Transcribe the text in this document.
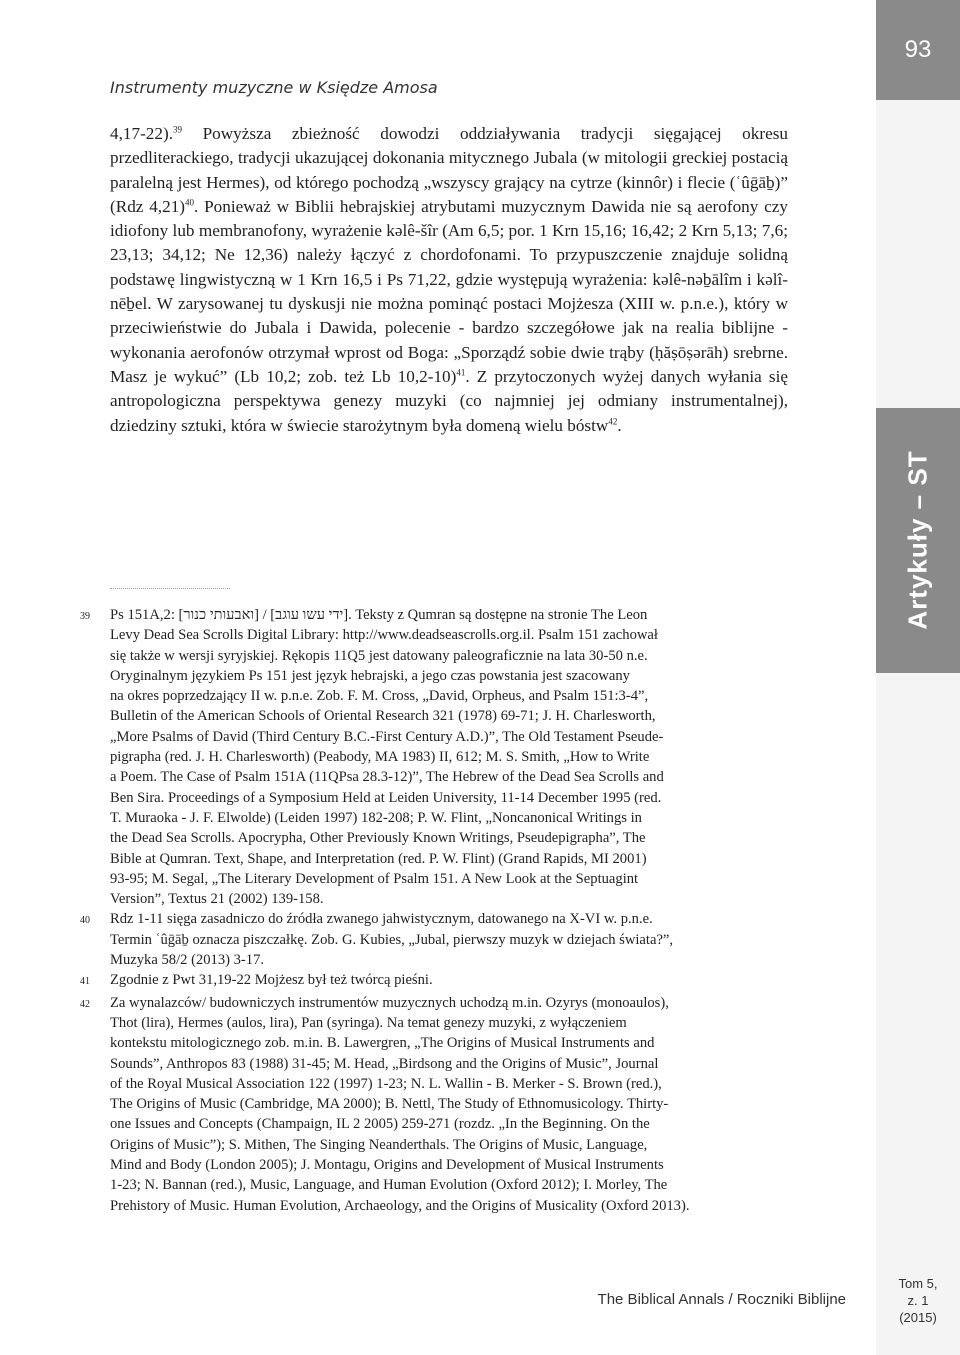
93
Artykuły – ST
Instrumenty muzyczne w Księdze Amosa

4,17-22).$^{39}$ Powyższa zbieżność dowodzi oddziaływania tradycji sięgającej okresu przedliterackiego, tradycji ukazującej dokonania mitycznego Jubala (w mitologii greckiej postacią paralelną jest Hermes), od którego pochodzą „wszyscy grający na cytrze (kinnôr) i flecie (ʿûḡāḇ)” (Rdz 4,21)$^{40}$. Ponieważ w Biblii hebrajskiej atrybutami muzycznym Dawida nie są aerofony czy idiofony lub membranofony, wyrażenie kəlê-šîr (Am 6,5; por. 1 Krn 15,16; 16,42; 2 Krn 5,13; 7,6; 23,13; 34,12; Ne 12,36) należy łączyć z chordofonami. To przypuszczenie znajduje solidną podstawę lingwistyczną w 1 Krn 16,5 i Ps 71,22, gdzie występują wyrażenia: kəlê-nəḇālîm i kəlî-nēḇel. W zarysowanej tu dyskusji nie można pominąć postaci Mojżesza (XIII w. p.n.e.), który w przeciwieństwie do Jubala i Dawida, polecenie - bardzo szczegółowe jak na realia biblijne - wykonania aerofonów otrzymał wprost od Boga: „Sporządź sobie dwie trąby (ḥăṣōṣərāh) srebrne. Masz je wykuć” (Lb 10,2; zob. też Lb 10,2-10)$^{41}$. Z przytoczonych wyżej danych wyłania się antropologiczna perspektywa genezy muzyki (co najmniej jej odmiany instrumentalnej), dziedziny sztuki, która w świecie starożytnym była domeną wielu bóstw$^{42}$.

39	Ps 151A,2: [ואבעותי כנור] / [ידי עשו עוגב]. Teksty z Qumran są dostępne na stronie The Leon
Levy Dead Sea Scrolls Digital Library: http://www.deadseascrolls.org.il. Psalm 151 zachował
się także w wersji syryjskiej. Rękopis 11Q5 jest datowany paleograficznie na lata 30-50 n.e.
Oryginalnym językiem Ps 151 jest język hebrajski, a jego czas powstania jest szacowany
na okres poprzedzający II w. p.n.e. Zob. F. M. Cross, „David, Orpheus, and Psalm 151:3-4”,
Bulletin of the American Schools of Oriental Research 321 (1978) 69-71; J. H. Charlesworth,
„More Psalms of David (Third Century B.C.-First Century A.D.)”, The Old Testament Pseude-
pigrapha (red. J. H. Charlesworth) (Peabody, MA 1983) II, 612; M. S. Smith, „How to Write
a Poem. The Case of Psalm 151A (11QPsa 28.3-12)”, The Hebrew of the Dead Sea Scrolls and
Ben Sira. Proceedings of a Symposium Held at Leiden University, 11-14 December 1995 (red.
T. Muraoka - J. F. Elwolde) (Leiden 1997) 182-208; P. W. Flint, „Noncanonical Writings in
the Dead Sea Scrolls. Apocrypha, Other Previously Known Writings, Pseudepigrapha”, The
Bible at Qumran. Text, Shape, and Interpretation (red. P. W. Flint) (Grand Rapids, MI 2001)
93-95; M. Segal, „The Literary Development of Psalm 151. A New Look at the Septuagint
Version”, Textus 21 (2002) 139-158.
40	Rdz 1-11 sięga zasadniczo do źródła zwanego jahwistycznym, datowanego na X-VI w. p.n.e.
Termin ʿûḡāḇ oznacza piszczałkę. Zob. G. Kubies, „Jubal, pierwszy muzyk w dziejach świata?”,
Muzyka 58/2 (2013) 3-17.
41	Zgodnie z Pwt 31,19-22 Mojżesz był też twórcą pieśni.
42	Za wynalazców/ budowniczych instrumentów muzycznych uchodzą m.in. Ozyrys (monoaulos),
Thot (lira), Hermes (aulos, lira), Pan (syringa). Na temat genezy muzyki, z wyłączeniem
kontekstu mitologicznego zob. m.in. B. Lawergren, „The Origins of Musical Instruments and
Sounds”, Anthropos 83 (1988) 31-45; M. Head, „Birdsong and the Origins of Music”, Journal
of the Royal Musical Association 122 (1997) 1-23; N. L. Wallin - B. Merker - S. Brown (red.),
The Origins of Music (Cambridge, MA 2000); B. Nettl, The Study of Ethnomusicology. Thirty-
one Issues and Concepts (Champaign, IL 2 2005) 259-271 (rozdz. „In the Beginning. On the
Origins of Music”); S. Mithen, The Singing Neanderthals. The Origins of Music, Language,
Mind and Body (London 2005); J. Montagu, Origins and Development of Musical Instruments
1-23; N. Bannan (red.), Music, Language, and Human Evolution (Oxford 2012); I. Morley, The
Prehistory of Music. Human Evolution, Archaeology, and the Origins of Musicality (Oxford 2013).
The Biblical Annals / Roczniki Biblijne
Tom 5,
z. 1
(2015)
